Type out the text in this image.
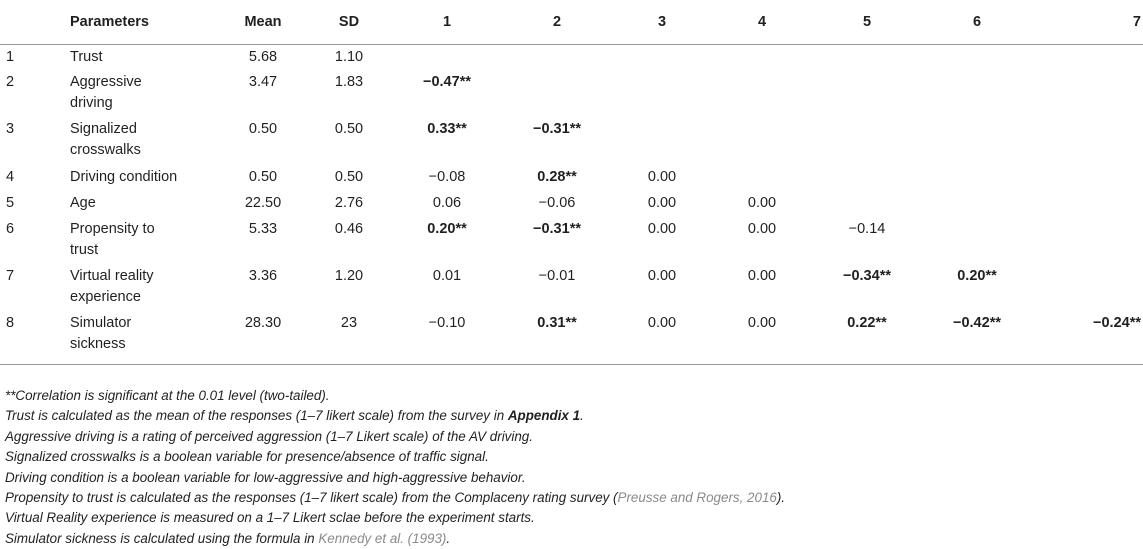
	Parameters	Mean	SD	1	2	3	4	5	6	7

1	Trust	5.68	1.10							

2	Aggressive
driving	3.47	1.83	−0.47**						

3	Signalized
crosswalks	0.50	0.50	0.33**	−0.31**					

4	Driving condition	0.50	0.50	−0.08	0.28**	0.00				

5	Age	22.50	2.76	0.06	−0.06	0.00	0.00			

6	Propensity to
trust	5.33	0.46	0.20**	−0.31**	0.00	0.00	−0.14		

7	Virtual reality
experience	3.36	1.20	0.01	−0.01	0.00	0.00	−0.34**	0.20**	

8	Simulator
sickness	28.30	23	−0.10	0.31**	0.00	0.00	0.22**	−0.42**	−0.24**
**Correlation is significant at the 0.01 level (two-tailed).
Trust is calculated as the mean of the responses (1–7 likert scale) from the survey in Appendix 1.
Aggressive driving is a rating of perceived aggression (1–7 Likert scale) of the AV driving.
Signalized crosswalks is a boolean variable for presence/absence of traffic signal.
Driving condition is a boolean variable for low-aggressive and high-aggressive behavior.
Propensity to trust is calculated as the responses (1–7 likert scale) from the Complaceny rating survey (Preusse and Rogers, 2016).
Virtual Reality experience is measured on a 1–7 Likert sclae before the experiment starts.
Simulator sickness is calculated using the formula in Kennedy et al. (1993).
